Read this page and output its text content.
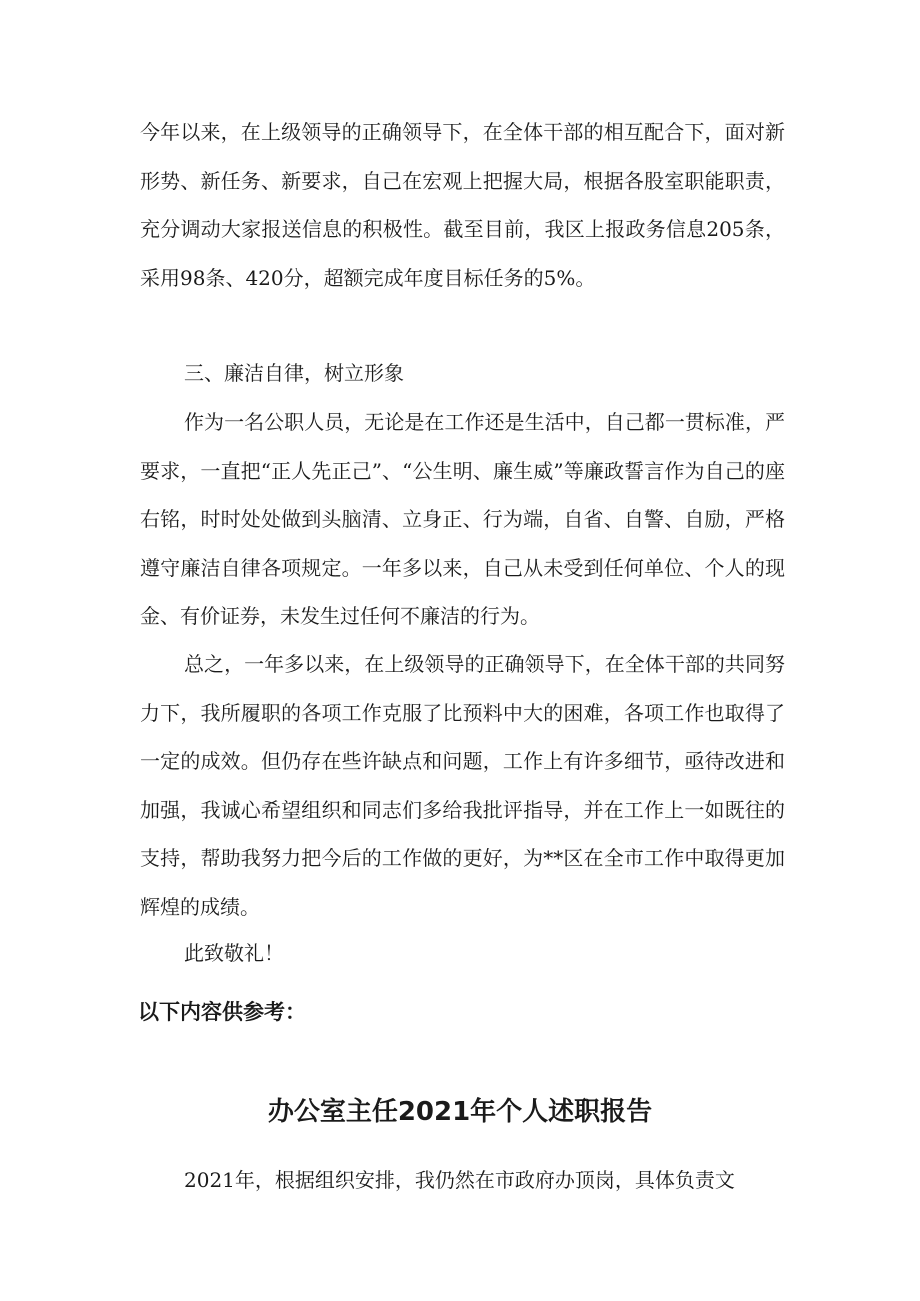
今年以来，在上级领导的正确领导下，在全体干部的相互配合下，面对新形势、新任务、新要求，自己在宏观上把握大局，根据各股室职能职责，充分调动大家报送信息的积极性。截至目前，我区上报政务信息205条，采用98条、420分，超额完成年度目标任务的5%。

三、廉洁自律，树立形象

作为一名公职人员，无论是在工作还是生活中，自己都一贯标准，严要求，一直把“正人先正己”、“公生明、廉生威”等廉政誓言作为自己的座右铭，时时处处做到头脑清、立身正、行为端，自省、自警、自励，严格遵守廉洁自律各项规定。一年多以来，自己从未受到任何单位、个人的现金、有价证券，未发生过任何不廉洁的行为。

总之，一年多以来，在上级领导的正确领导下，在全体干部的共同努力下，我所履职的各项工作克服了比预料中大的困难，各项工作也取得了一定的成效。但仍存在些许缺点和问题，工作上有许多细节，亟待改进和加强，我诚心希望组织和同志们多给我批评指导，并在工作上一如既往的支持，帮助我努力把今后的工作做的更好，为**区在全市工作中取得更加辉煌的成绩。

此致敬礼！

以下内容供参考：

办公室主任2021年个人述职报告

2021年，根据组织安排，我仍然在市政府办顶岗，具体负责文
